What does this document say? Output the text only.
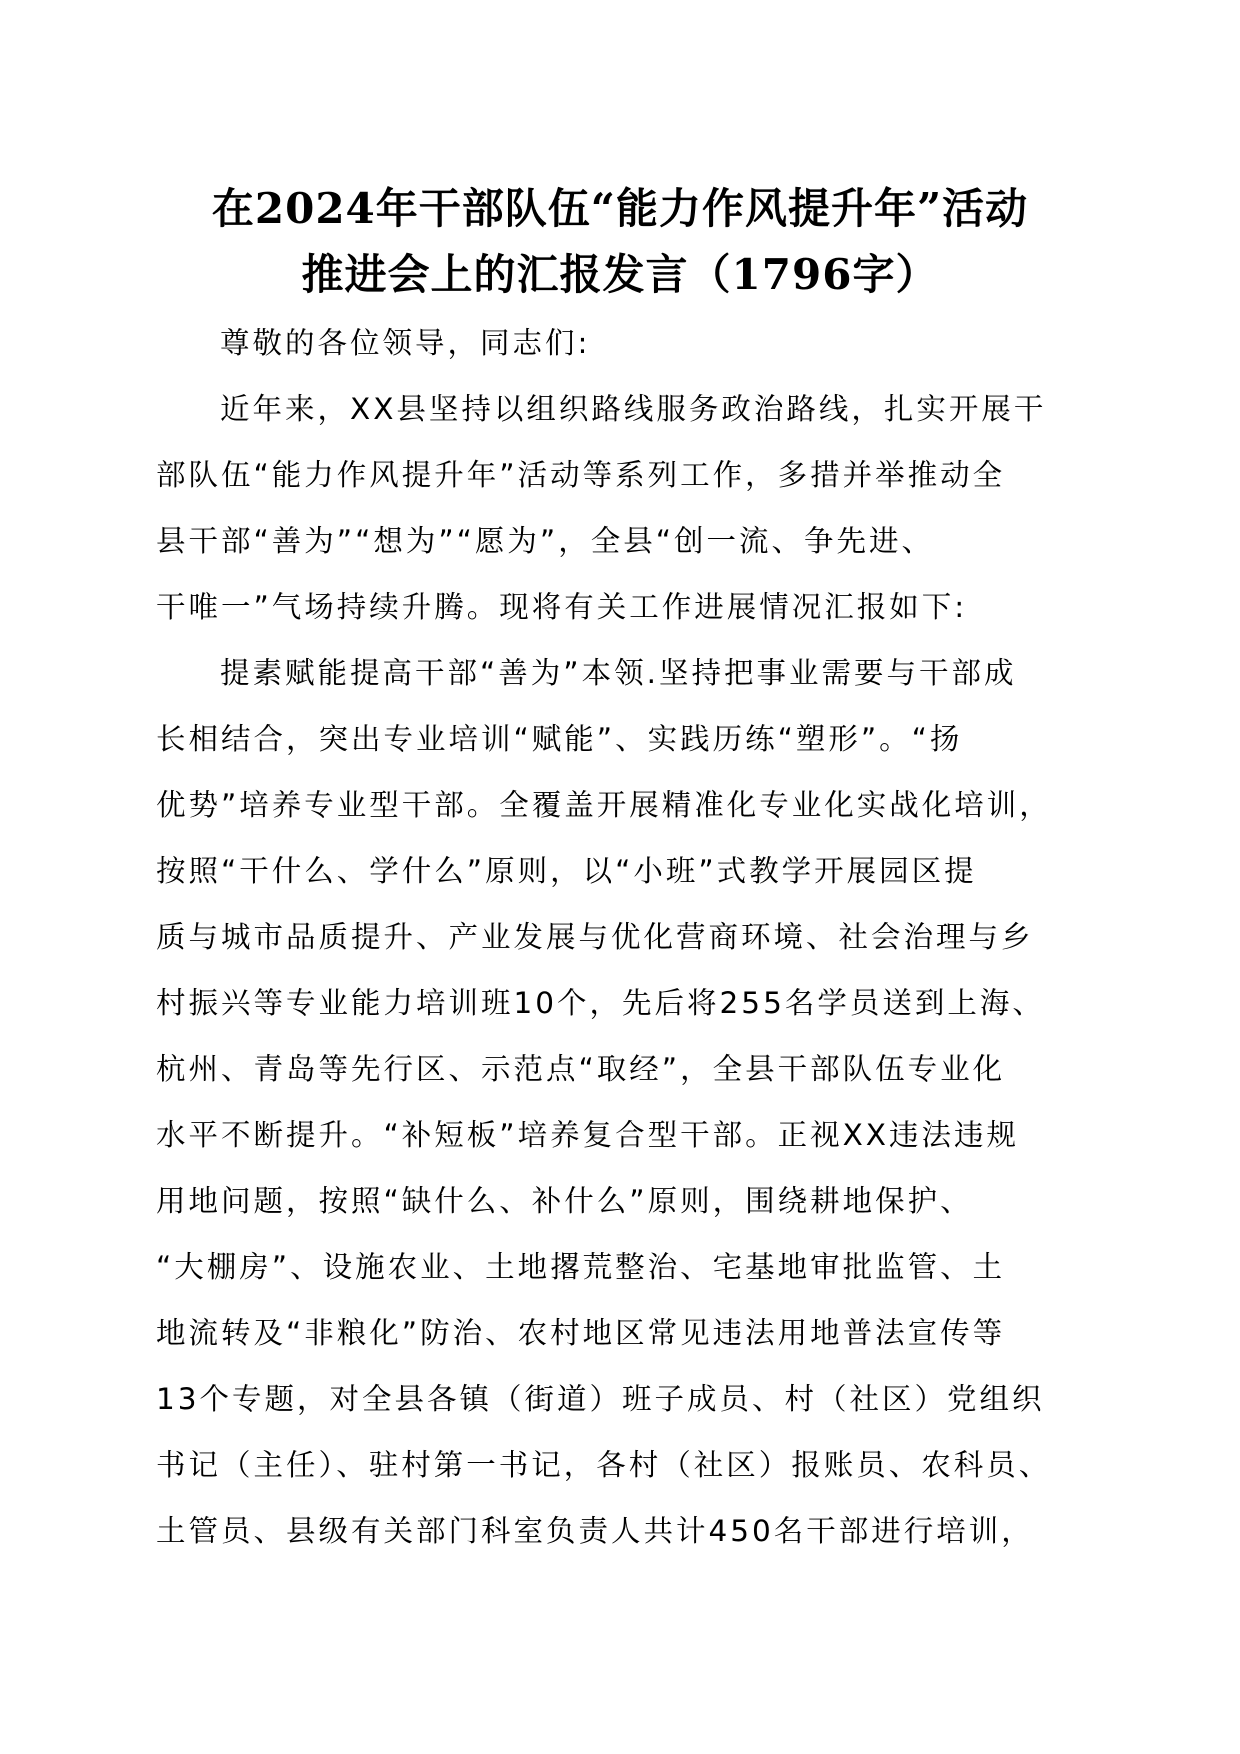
在2024年干部队伍“能力作风提升年”活动
推进会上的汇报发言（1796字）
尊敬的各位领导，同志们:
近年来，XX县坚持以组织路线服务政治路线，扎实开展干
部队伍“能力作风提升年”活动等系列工作，多措并举推动全
县干部“善为”“想为”“愿为”，全县“创一流、争先进、
干唯一”气场持续升腾。现将有关工作进展情况汇报如下:
提素赋能提高干部“善为”本领.坚持把事业需要与干部成
长相结合，突出专业培训“赋能”、实践历练“塑形”。“扬
优势”培养专业型干部。全覆盖开展精准化专业化实战化培训，
按照“干什么、学什么”原则，以“小班”式教学开展园区提
质与城市品质提升、产业发展与优化营商环境、社会治理与乡
村振兴等专业能力培训班10个，先后将255名学员送到上海、
杭州、青岛等先行区、示范点“取经”，全县干部队伍专业化
水平不断提升。“补短板”培养复合型干部。正视XX违法违规
用地问题，按照“缺什么、补什么”原则，围绕耕地保护、
“大棚房”、设施农业、土地撂荒整治、宅基地审批监管、土
地流转及“非粮化”防治、农村地区常见违法用地普法宣传等
13个专题，对全县各镇（街道）班子成员、村（社区）党组织
书记（主任）、驻村第一书记，各村（社区）报账员、农科员、
土管员、县级有关部门科室负责人共计450名干部进行培训，
